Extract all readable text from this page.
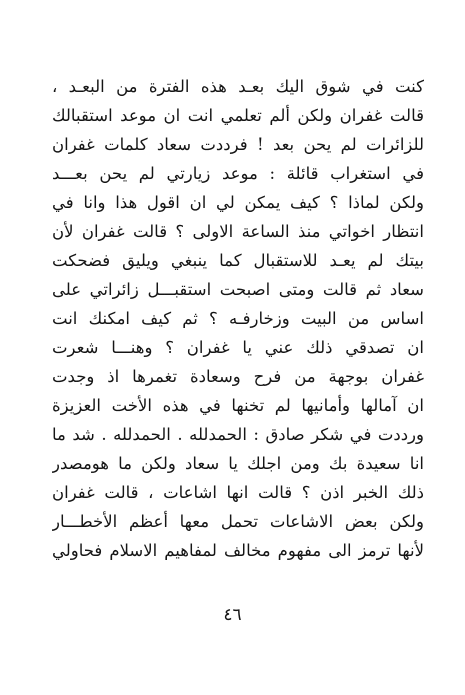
كنت في شوق اليك بعـد هذه الفترة من البعـد ،
قالت غفران ولكن ألم تعلمي انت ان موعد استقبالك
للزائرات لم يحن بعد ! فرددت سعاد كلمات غفران
في استغراب قائلة : موعد زيارتي لم يحن بعـــد
ولكن لماذا ؟ كيف يمكن لي ان اقول هذا وانا في
انتظار اخواتي منذ الساعة الاولى ؟ قالت غفران لأن
بيتك لم يعـد للاستقبال كما ينبغي ويليق فضحكت
سعاد ثم قالت ومتى اصبحت استقبـــل زائراتي على
اساس من البيت وزخارفـه ؟ ثم كيف امكنك انت
ان تصدقي ذلك عني يا غفران ؟ وهنـــا شعرت
غفران بوجهة من فرح وسعادة تغمرها اذ وجدت
ان آمالها وأمانيها لم تخنها في هذه الأخت العزيزة
ورددت في شكر صادق : الحمدلله . الحمدلله . شد ما
انا سعيدة بك ومن اجلك يا سعاد ولكن ما هومصدر
ذلك الخبر اذن ؟ قالت انها اشاعات ، قالت غفران
ولكن بعض الاشاعات تحمل معها أعظم الأخطـــار
لأنها ترمز الى مفهوم مخالف لمفاهيم الاسلام فحاولي
٤٦
